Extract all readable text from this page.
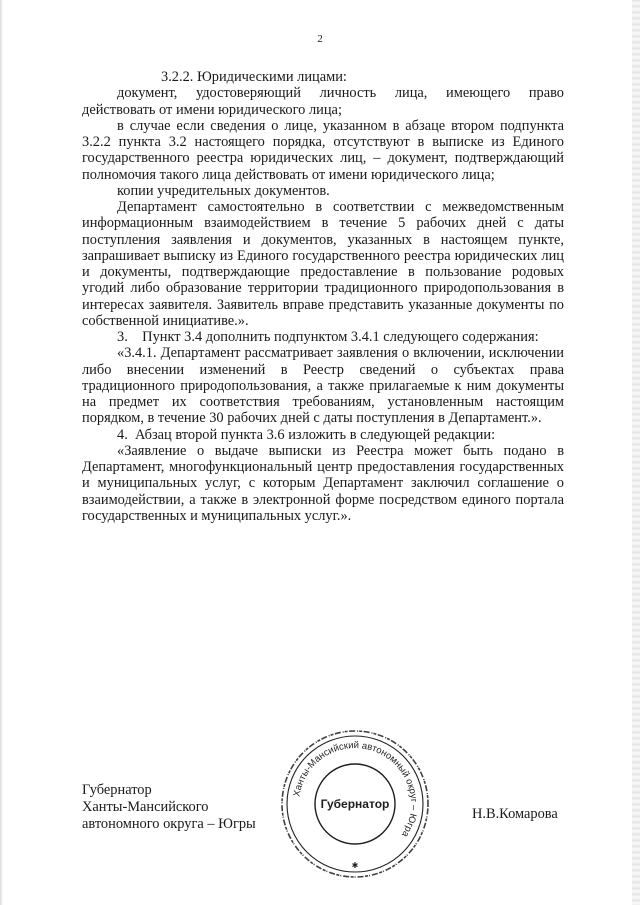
2

3.2.2. Юридическими лицами:

документ, удостоверяющий личность лица, имеющего право действовать от имени юридического лица;

в случае если сведения о лице, указанном в абзаце втором подпункта 3.2.2 пункта 3.2 настоящего порядка, отсутствуют в выписке из Единого государственного реестра юридических лиц, – документ, подтверждающий полномочия такого лица действовать от имени юридического лица;

копии учредительных документов.

Департамент самостоятельно в соответствии с межведомственным информационным взаимодействием в течение 5 рабочих дней с даты поступления заявления и документов, указанных в настоящем пункте, запрашивает выписку из Единого государственного реестра юридических лиц и документы, подтверждающие предоставление в пользование родовых угодий либо образование территории традиционного природопользования в интересах заявителя. Заявитель вправе представить указанные документы по собственной инициативе.».

3.    Пункт 3.4 дополнить подпунктом 3.4.1 следующего содержания:

«3.4.1. Департамент рассматривает заявления о включении, исключении либо внесении изменений в Реестр сведений о субъектах права традиционного природопользования, а также прилагаемые к ним документы на предмет их соответствия требованиям, установленным настоящим порядком, в течение 30 рабочих дней с даты поступления в Департамент.».

4.  Абзац второй пункта 3.6 изложить в следующей редакции:

«Заявление о выдаче выписки из Реестра может быть подано в Департамент, многофункциональный центр предоставления государственных и муниципальных услуг, с которым Департамент заключил соглашение о взаимодействии, а также в электронной форме посредством единого портала государственных и муниципальных услуг.».

Губернатор
Ханты-Мансийского
автономного округа – Югры
Ханты-Мансийский автономный округ – Югра
Губернатор
✱
Н.В.Комарова
